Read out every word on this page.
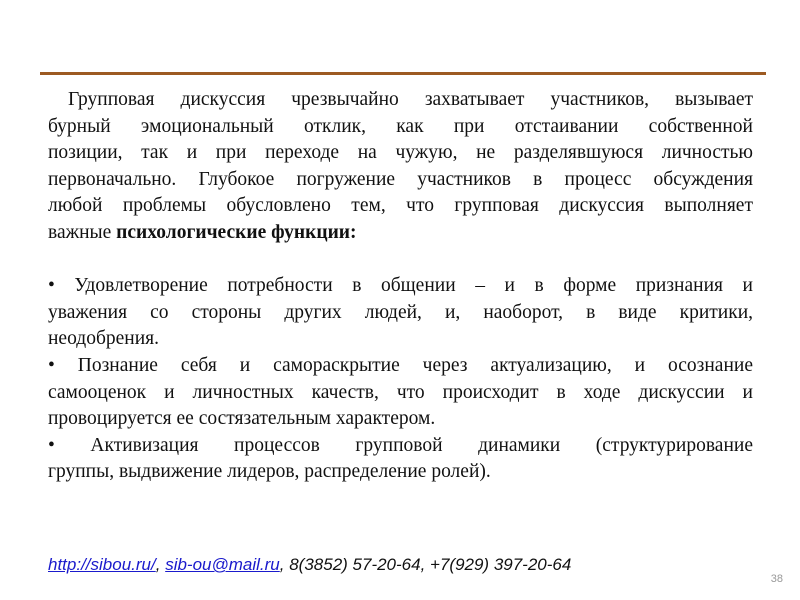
Групповая дискуссия чрезвычайно захватывает участников, вызывает
бурный эмоциональный отклик, как при отстаивании собственной
позиции, так и при переходе на чужую, не разделявшуюся личностью
первоначально. Глубокое погружение участников в процесс обсуждения
любой проблемы обусловлено тем, что групповая дискуссия выполняет
важные психологические функции:
• Удовлетворение потребности в общении – и в форме признания и
уважения со стороны других людей, и, наоборот, в виде критики,
неодобрения.
• Познание себя и самораскрытие через актуализацию, и осознание
самооценок и личностных качеств, что происходит в ходе дискуссии и
провоцируется ее состязательным характером.
• Активизация процессов групповой динамики (структурирование
группы, выдвижение лидеров, распределение ролей).
http://sibou.ru/, sib-ou@mail.ru, 8(3852) 57-20-64, +7(929) 397-20-64
38
